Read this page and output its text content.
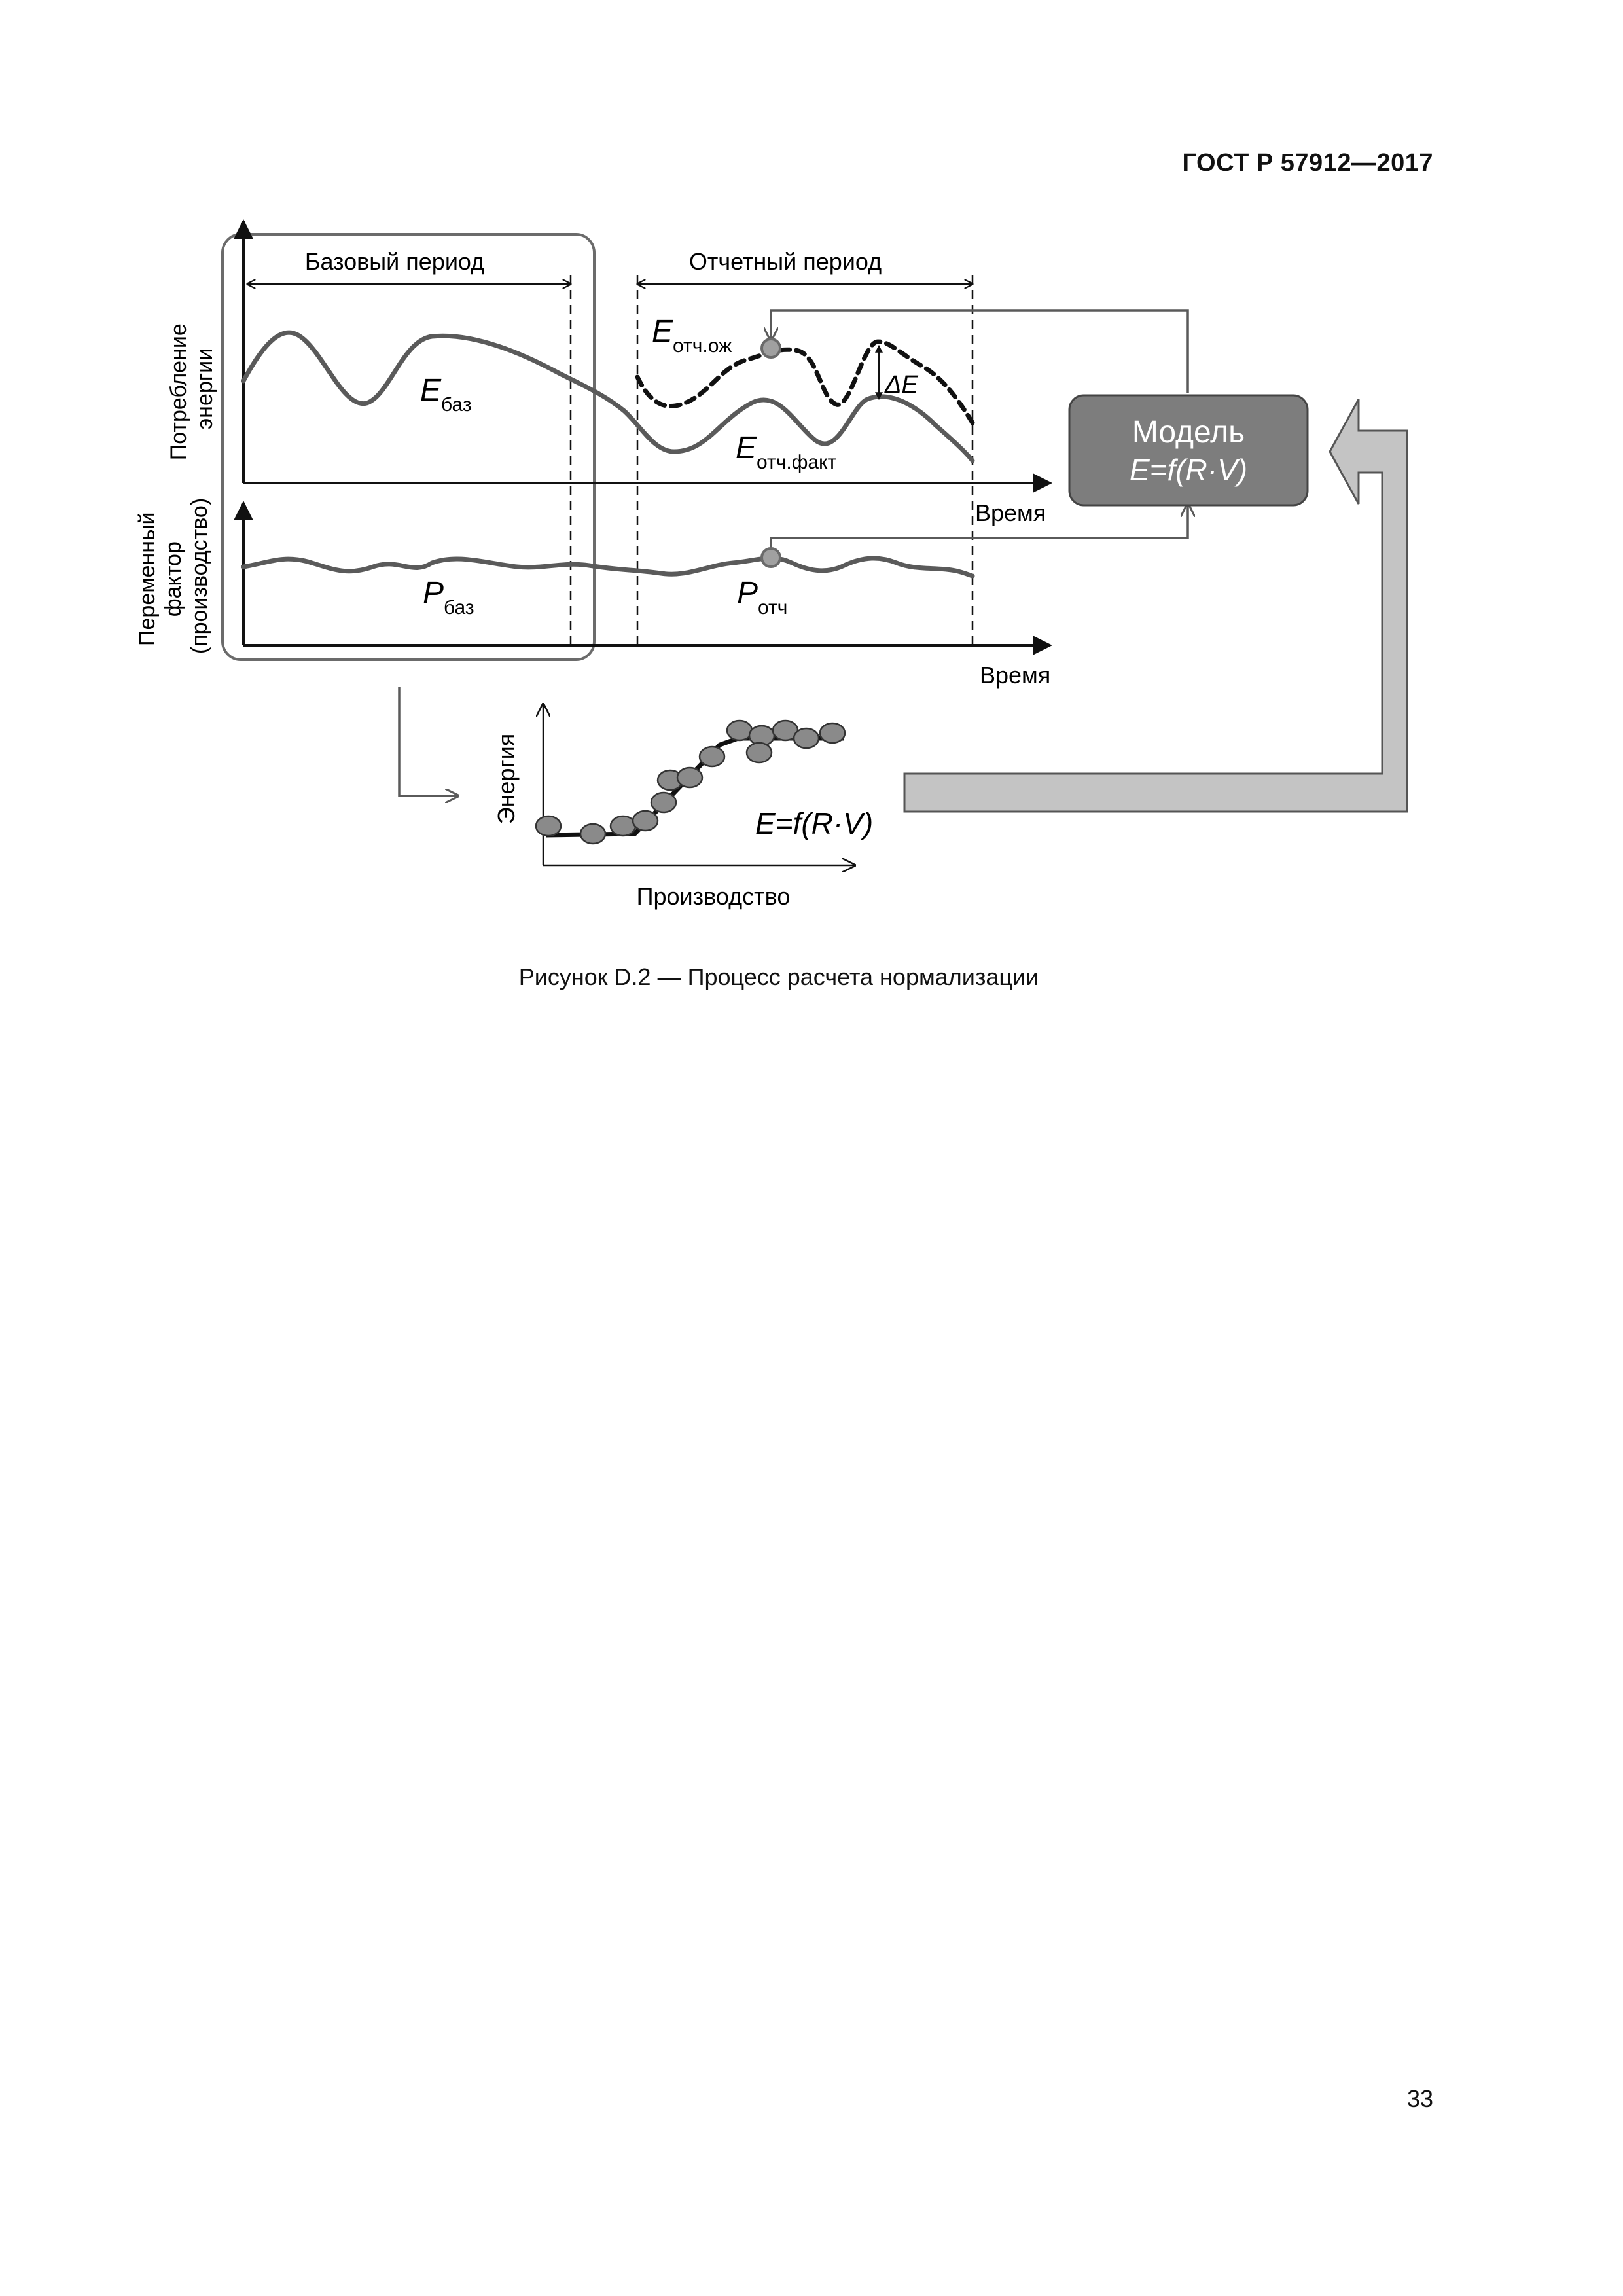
ГОСТ Р 57912—2017
Базовый период	Отчетный период
Время
Потребление энергии
Время
Переменный фактор (производство)
ΔE
$E_{баз}$
$E_{отч.ож}$
$E_{отч.факт}$
$P_{баз}$	$P_{отч}$
Модель
E=f(R·V)
Энергия
Производство
E=f(R·V)
Рисунок D.2 — Процесс расчета нормализации
33
